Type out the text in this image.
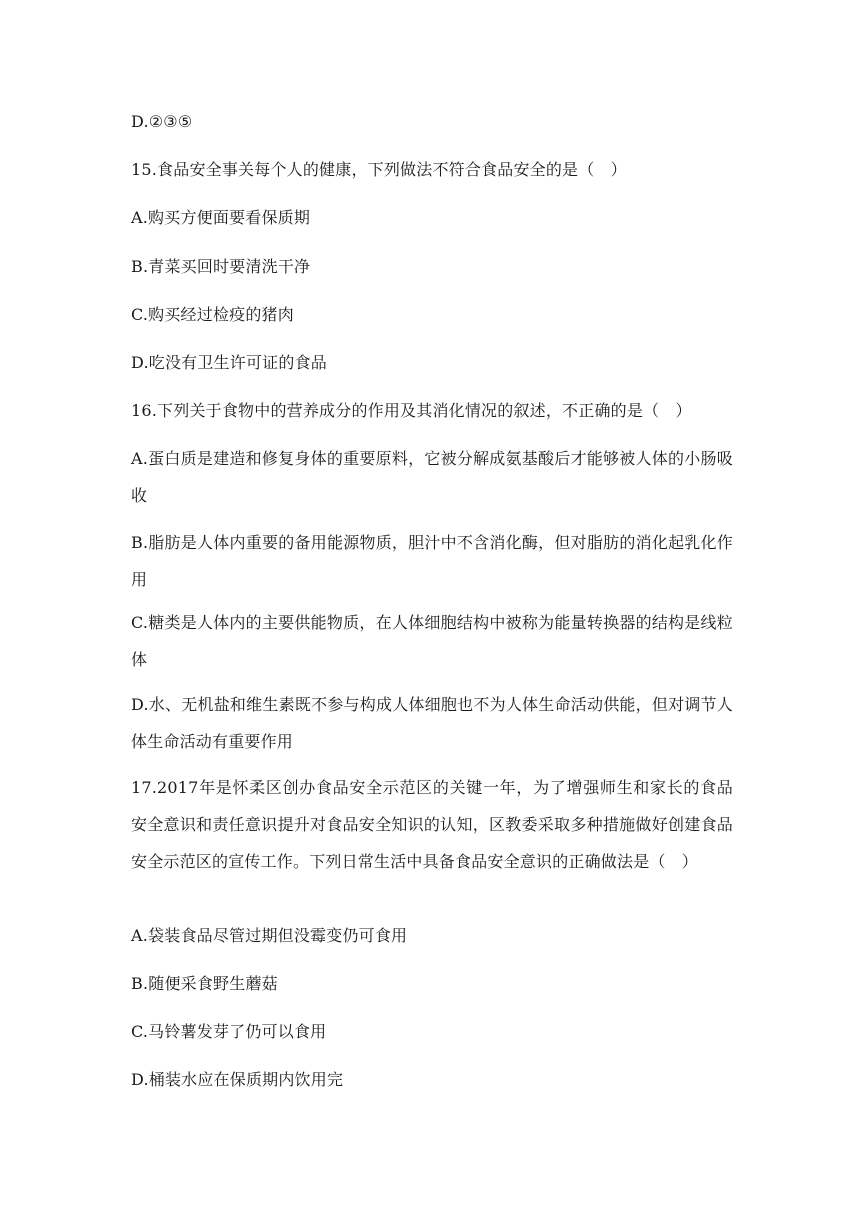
D.②③⑤
15.食品安全事关每个人的健康，下列做法不符合食品安全的是（　）
A.购买方便面要看保质期
B.青菜买回时要清洗干净
C.购买经过检疫的猪肉
D.吃没有卫生许可证的食品
16.下列关于食物中的营养成分的作用及其消化情况的叙述，不正确的是（　）
A.蛋白质是建造和修复身体的重要原料，它被分解成氨基酸后才能够被人体的小肠吸收
B.脂肪是人体内重要的备用能源物质，胆汁中不含消化酶，但对脂肪的消化起乳化作用
C.糖类是人体内的主要供能物质，在人体细胞结构中被称为能量转换器的结构是线粒体
D.水、无机盐和维生素既不参与构成人体细胞也不为人体生命活动供能，但对调节人体生命活动有重要作用
17.2017年是怀柔区创办食品安全示范区的关键一年，为了增强师生和家长的食品安全意识和责任意识提升对食品安全知识的认知，区教委采取多种措施做好创建食品安全示范区的宣传工作。下列日常生活中具备食品安全意识的正确做法是（　）
A.袋装食品尽管过期但没霉变仍可食用
B.随便采食野生蘑菇
C.马铃薯发芽了仍可以食用
D.桶装水应在保质期内饮用完
